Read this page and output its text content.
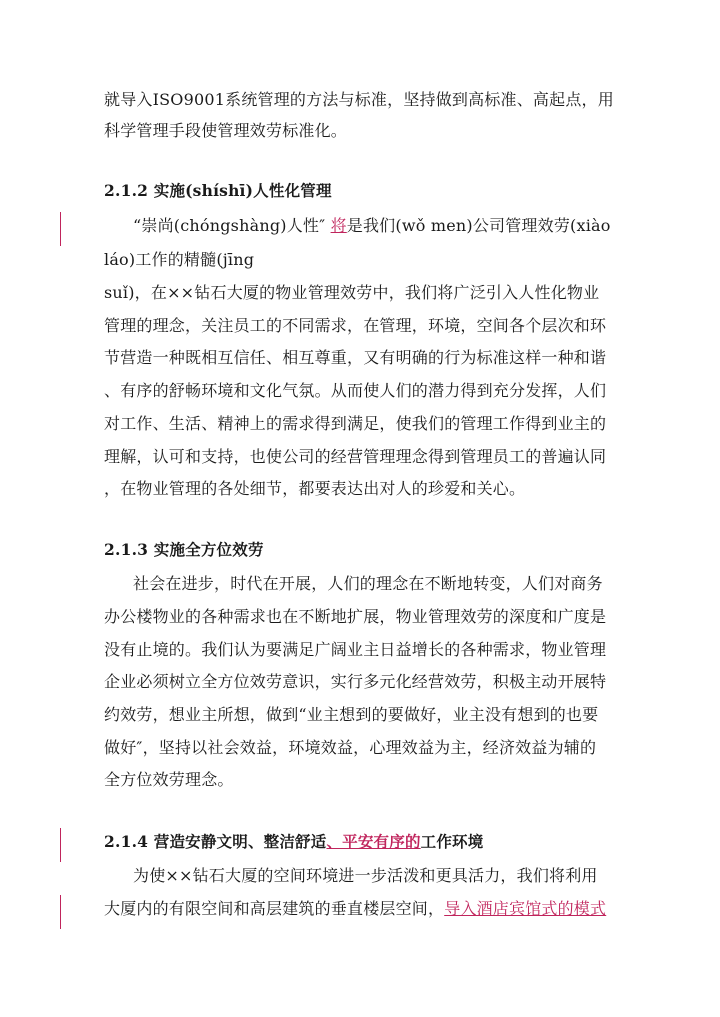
就导入ISO9001系统管理的方法与标准，坚持做到高标准、高起点，用
科学管理手段使管理效劳标准化。
2.1.2 实施(shíshī)人性化管理
“崇尚(chóngshàng)人性″ 将是我们(wǒ men)公司管理效劳(xiào
láo)工作的精髓(jīng
suǐ)，在××钻石大厦的物业管理效劳中，我们将广泛引入人性化物业
管理的理念，关注员工的不同需求，在管理，环境，空间各个层次和环
节营造一种既相互信任、相互尊重，又有明确的行为标准这样一种和谐
、有序的舒畅环境和文化气氛。从而使人们的潜力得到充分发挥，人们
对工作、生活、精神上的需求得到满足，使我们的管理工作得到业主的
理解，认可和支持，也使公司的经营管理理念得到管理员工的普遍认同
，在物业管理的各处细节，都要表达出对人的珍爱和关心。
2.1.3 实施全方位效劳
社会在进步，时代在开展，人们的理念在不断地转变，人们对商务
办公楼物业的各种需求也在不断地扩展，物业管理效劳的深度和广度是
没有止境的。我们认为要满足广阔业主日益增长的各种需求，物业管理
企业必须树立全方位效劳意识，实行多元化经营效劳，积极主动开展特
约效劳，想业主所想，做到“业主想到的要做好，业主没有想到的也要
做好″，坚持以社会效益，环境效益，心理效益为主，经济效益为辅的
全方位效劳理念。
2.1.4 营造安静文明、整洁舒适、平安有序的工作环境
为使××钻石大厦的空间环境进一步活泼和更具活力，我们将利用
大厦内的有限空间和高层建筑的垂直楼层空间，导入酒店宾馆式的模式
